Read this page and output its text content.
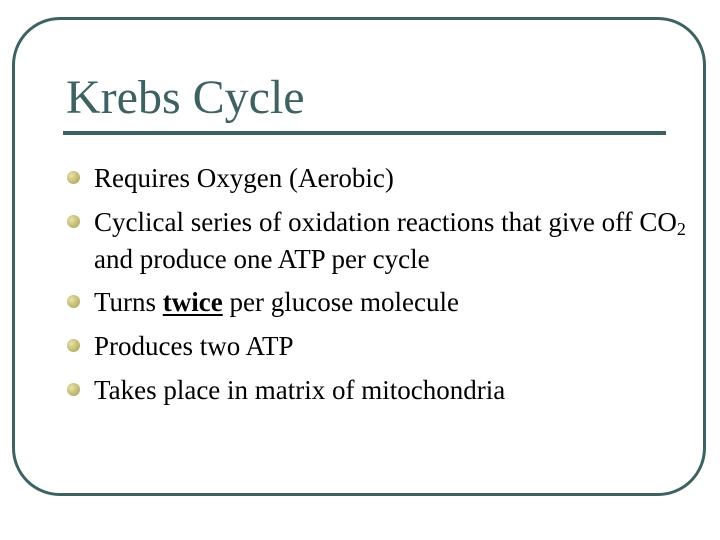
Krebs Cycle
Requires Oxygen (Aerobic)
Cyclical series of oxidation reactions that give off $CO_2$ and produce one ATP per cycle
Turns twice per glucose molecule
Produces two ATP
Takes place in matrix of mitochondria
